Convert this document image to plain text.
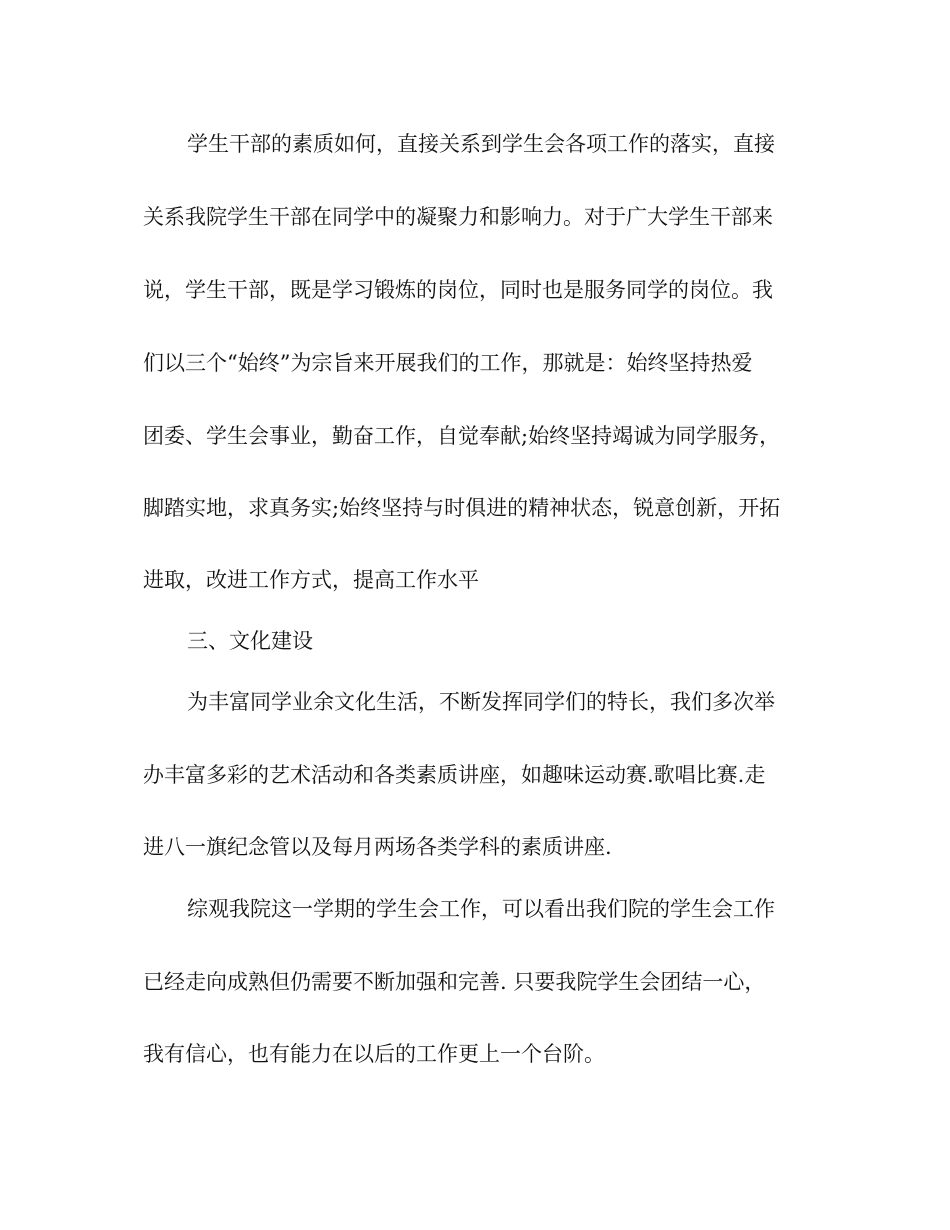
学生干部的素质如何，直接关系到学生会各项工作的落实，直接
关系我院学生干部在同学中的凝聚力和影响力。对于广大学生干部来
说，学生干部，既是学习锻炼的岗位，同时也是服务同学的岗位。我
们以三个“始终”为宗旨来开展我们的工作，那就是：始终坚持热爱
团委、学生会事业，勤奋工作，自觉奉献;始终坚持竭诚为同学服务，
脚踏实地，求真务实;始终坚持与时俱进的精神状态，锐意创新，开拓
进取，改进工作方式，提高工作水平
三、文化建设
为丰富同学业余文化生活，不断发挥同学们的特长，我们多次举
办丰富多彩的艺术活动和各类素质讲座，如趣味运动赛.歌唱比赛.走
进八一旗纪念管以及每月两场各类学科的素质讲座.
综观我院这一学期的学生会工作，可以看出我们院的学生会工作
已经走向成熟但仍需要不断加强和完善. 只要我院学生会团结一心，
我有信心，也有能力在以后的工作更上一个台阶。
